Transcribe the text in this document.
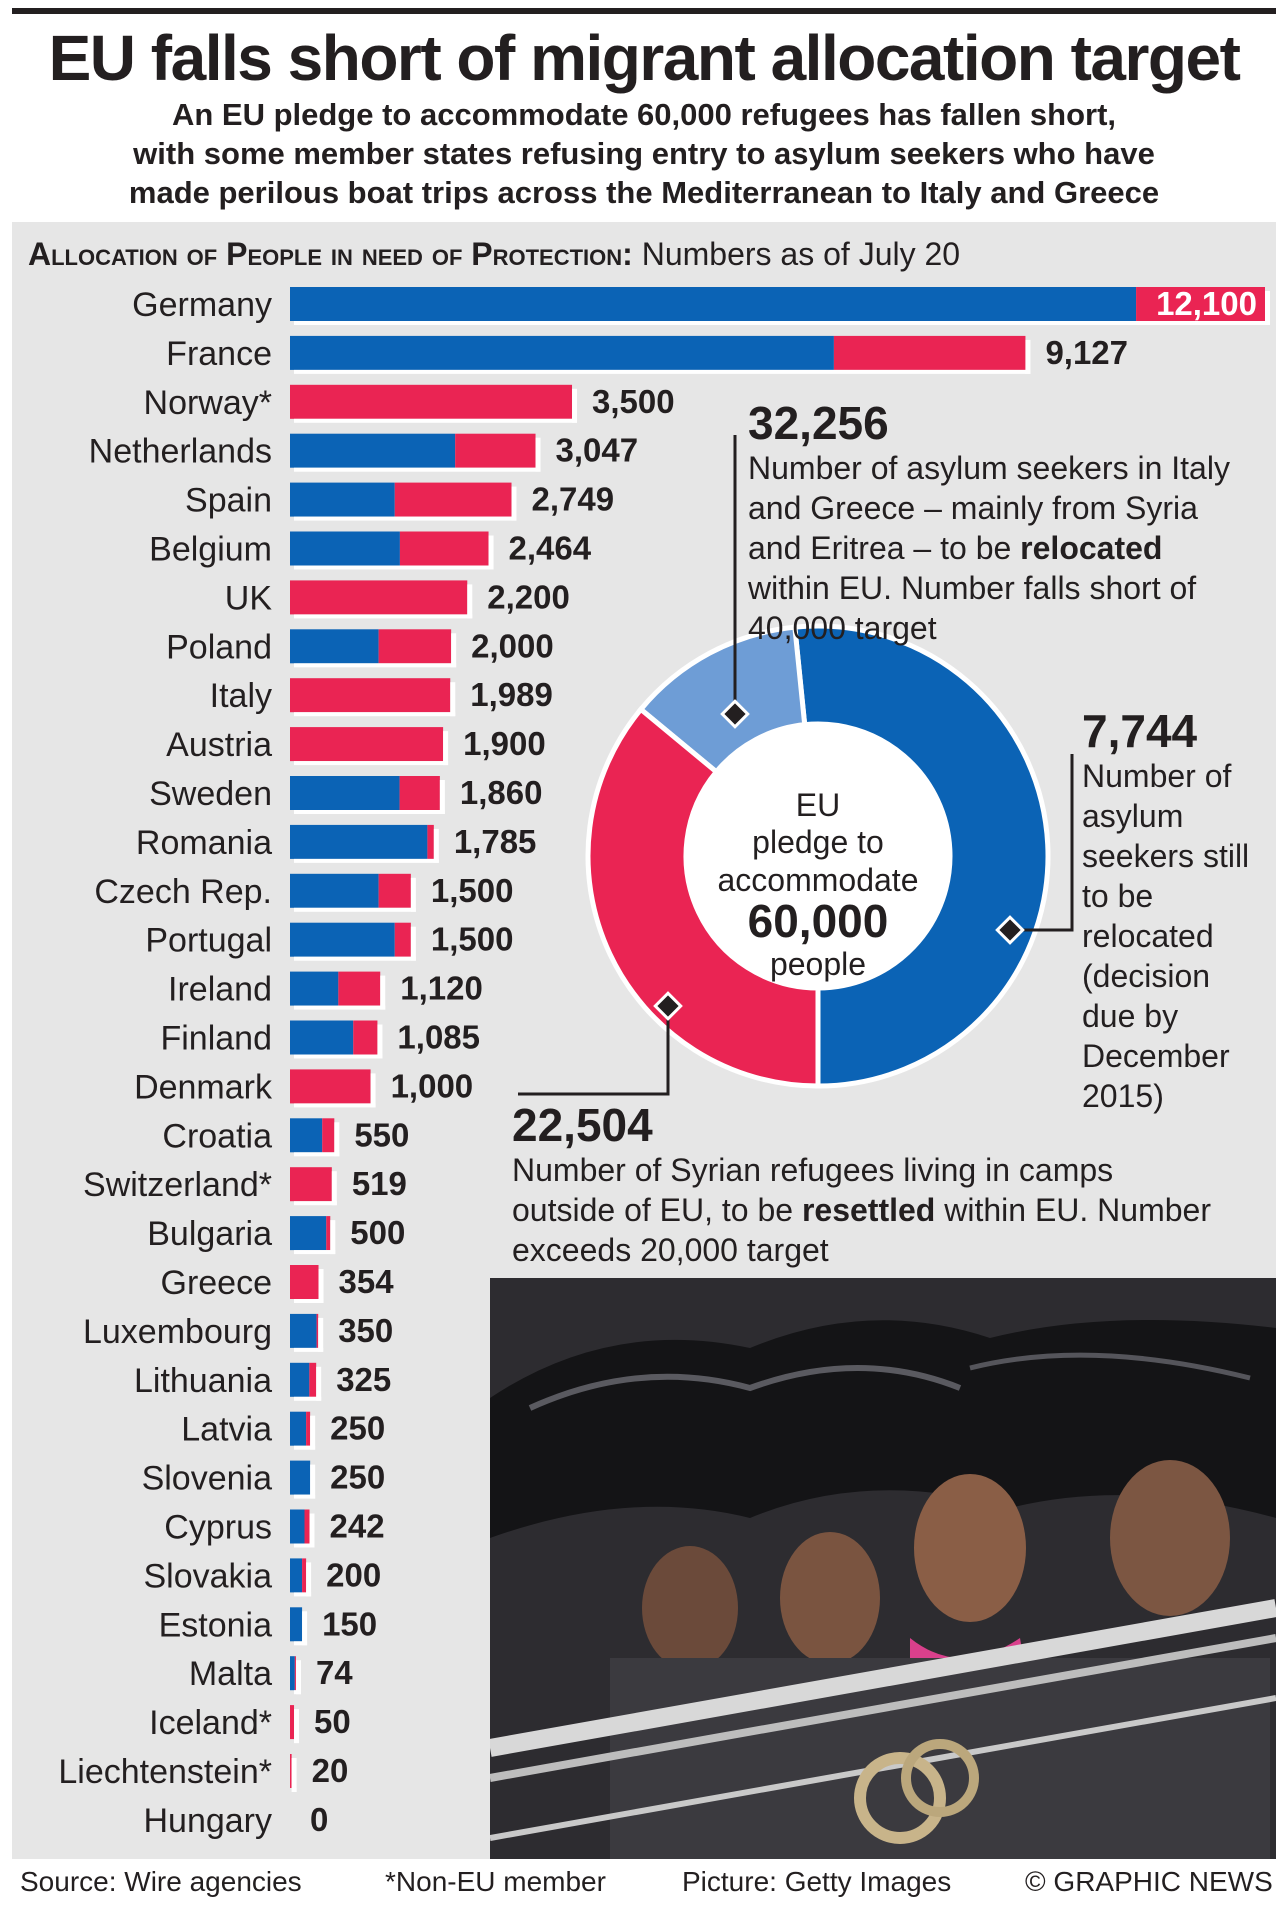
EU falls short of migrant allocation target
An EU pledge to accommodate 60,000 refugees has fallen short,
with some member states refusing entry to asylum seekers who have
made perilous boat trips across the Mediterranean to Italy and Greece
Allocation of People in need of Protection: Numbers as of July 20
Germany	12,100
France	9,127
Norway*	3,500
Netherlands	3,047
Spain	2,749
Belgium	2,464
UK	2,200
Poland	2,000
Italy	1,989
Austria	1,900
Sweden	1,860
Romania	1,785
Czech Rep.	1,500
Portugal	1,500
Ireland	1,120
Finland	1,085
Denmark	1,000
Croatia 550
Switzerland* 519
Bulgaria 500
Greece 354
Luxembourg 350
Lithuania 325
Latvia 250
Slovenia 250
Cyprus 242
Slovakia 200
Estonia 150
Malta 74
Iceland* 50
Liechtenstein* 20
Hungary 0
EU
pledge to
accommodate
60,000
people
32,256
Number of asylum seekers in Italy and Greece – mainly from Syria and Eritrea – to be relocated within EU. Number falls short of 40,000 target
7,744
Number of asylum seekers still to be relocated (decision due by December 2015)
22,504
Number of Syrian refugees living in camps outside of EU, to be resettled within EU. Number exceeds 20,000 target
Source: Wire agencies	*Non-EU member	Picture: Getty Images	© GRAPHIC NEWS
